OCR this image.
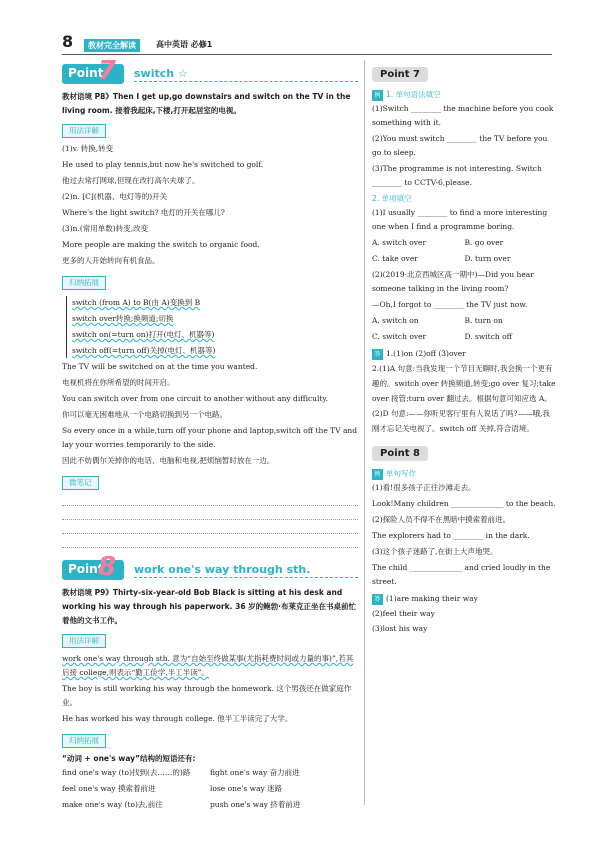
8	教材完全解读	高中英语 必修1
Point
7 switch ☆
教材语境 P8》Then I get up,go downstairs and switch on the TV in the living room. 接着我起床,下楼,打开起居室的电视。
用法详解
(1)v. 转换,转变
He used to play tennis,but now he's switched to golf.
他过去常打网球,但现在改打高尔夫球了。
(2)n. [C](机器、电灯等的)开关
Where's the light switch? 电灯的开关在哪儿?
(3)n.(常用单数)转变,改变
More people are making the switch to organic food.
更多的人开始转向有机食品。
归纳拓展
switch (from A) to B(由 A)变换到 B
switch over转换;换频道;切换
switch on(=turn on)打开(电灯、机器等)
switch off(=turn off)关掉(电灯、机器等)
The TV will be switched on at the time you wanted.
电视机将在你所希望的时间开启。
You can switch over from one circuit to another without any difficulty.
你可以毫无困难地从一个电路切换到另一个电路。
So every once in a while,turn off your phone and laptop,switch off the TV and lay your worries temporarily to the side.
因此不妨偶尔关掉你的电话、电脑和电视,把烦恼暂时放在一边。
微笔记
Point
8 work one's way through sth.
教材语境 P9》Thirty-six-year-old Bob Black is sitting at his desk and working his way through his paperwork. 36 岁的鲍勃·布莱克正坐在书桌前忙着他的文书工作。
用法详解
work one's way through sth. 意为“自始至终做某事(尤指耗费时间或力量的事)”,若其后接 college,则表示“勤工俭学,半工半读”。
The boy is still working his way through the homework. 这个男孩还在做家庭作业。
He has worked his way through college. 他半工半读完了大学。
归纳拓展
“动词 + one's way”结构的短语还有:
find one's way (to)找到(去……的)路	fight one's way 奋力前进
feel one's way 摸索着前进	lose one's way 迷路
make one's way (to)去,前往	push one's way 挤着前进
Point 7
例 1. 单句语法填空
(1)Switch ________ the machine before you cook something with it.
(2)You must switch ________ the TV before you go to sleep.
(3)The programme is not interesting. Switch ________ to CCTV-6,please.
2. 单项填空
(1)I usually ________ to find a more interesting one when I find a programme boring.
A. switch over	B. go over
C. take over	D. turn over
(2)(2019·北京西城区高一期中)—Did you hear someone talking in the living room?
—Oh,I forgot to ________ the TV just now.
A. switch on	B. turn on
C. switch over	D. switch off
答 1.(1)on (2)off (3)over
2.(1)A 句意:当我发现一个节目无聊时,我会换一个更有趣的。switch over 转换频道,转变;go over 复习;take over 接管;turn over 翻过去。根据句意可知应选 A。
(2)D 句意:——你听见客厅里有人说话了吗?——哦,我刚才忘记关电视了。switch off 关掉,符合语境。
Point 8
例 单句写作
(1)看!很多孩子正往沙滩走去。
Look!Many children ______________ to the beach.
(2)探险人员不得不在黑暗中摸索着前进。
The explorers had to ________ in the dark.
(3)这个孩子迷路了,在街上大声地哭。
The child ______________ and cried loudly in the street.
答 (1)are making their way
(2)feel their way
(3)lost his way
